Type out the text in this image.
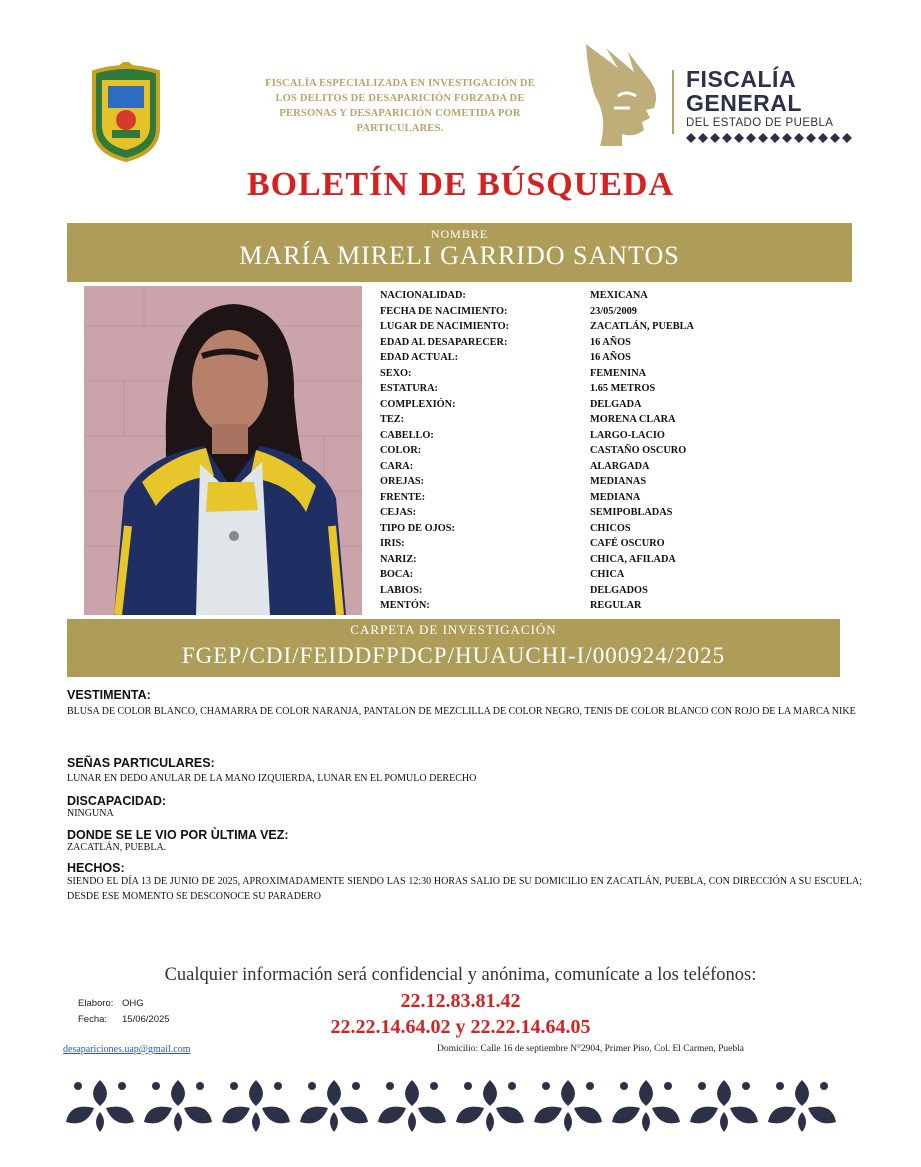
FISCALÍA ESPECIALIZADA EN INVESTIGACIÓN DE
LOS DELITOS DE DESAPARICIÓN FORZADA DE
PERSONAS Y DESAPARICIÓN COMETIDA POR
PARTICULARES.
FISCALÍA
GENERAL
DEL ESTADO DE PUEBLA
BOLETÍN DE BÚSQUEDA
NOMBRE
MARÍA MIRELI GARRIDO SANTOS
NACIONALIDAD:	MEXICANA
FECHA DE NACIMIENTO:	23/05/2009
LUGAR DE NACIMIENTO:	ZACATLÁN, PUEBLA
EDAD AL DESAPARECER:	16 AÑOS
EDAD ACTUAL:	16 AÑOS
SEXO:	FEMENINA
ESTATURA:	1.65 METROS
COMPLEXIÓN:	DELGADA
TEZ:	MORENA CLARA
CABELLO:	LARGO-LACIO
COLOR:	CASTAÑO OSCURO
CARA:	ALARGADA
OREJAS:	MEDIANAS
FRENTE:	MEDIANA
CEJAS:	SEMIPOBLADAS
TIPO DE OJOS:	CHICOS
IRIS:	CAFÉ OSCURO
NARIZ:	CHICA, AFILADA
BOCA:	CHICA
LABIOS:	DELGADOS
MENTÓN:	REGULAR
CARPETA DE INVESTIGACIÓN
FGEP/CDI/FEIDDFPDCP/HUAUCHI-I/000924/2025
VESTIMENTA:
BLUSA DE COLOR BLANCO, CHAMARRA DE COLOR NARANJA, PANTALON DE MEZCLILLA DE COLOR NEGRO, TENIS DE COLOR BLANCO CON ROJO DE LA MARCA NIKE
SEÑAS PARTICULARES:
LUNAR EN DEDO ANULAR DE LA MANO IZQUIERDA, LUNAR EN EL POMULO DERECHO
DISCAPACIDAD:
NINGUNA
DONDE SE LE VIO POR ÙLTIMA VEZ:
ZACATLÁN, PUEBLA.
HECHOS:
SIENDO EL DÍA 13 DE JUNIO DE 2025, APROXIMADAMENTE SIENDO LAS 12:30 HORAS SALIO DE SU DOMICILIO EN ZACATLÁN, PUEBLA, CON DIRECCIÓN A SU ESCUELA; DESDE ESE MOMENTO SE DESCONOCE SU PARADERO
Cualquier información será confidencial y anónima, comunícate a los teléfonos:
22.12.83.81.42
22.22.14.64.02 y 22.22.14.64.05
Elaboro: OHG
Fecha: 15/06/2025
desapariciones.uap@gmail.com	Domicilio: Calle 16 de septiembre N°2904, Primer Piso, Col. El Carmen, Puebla
